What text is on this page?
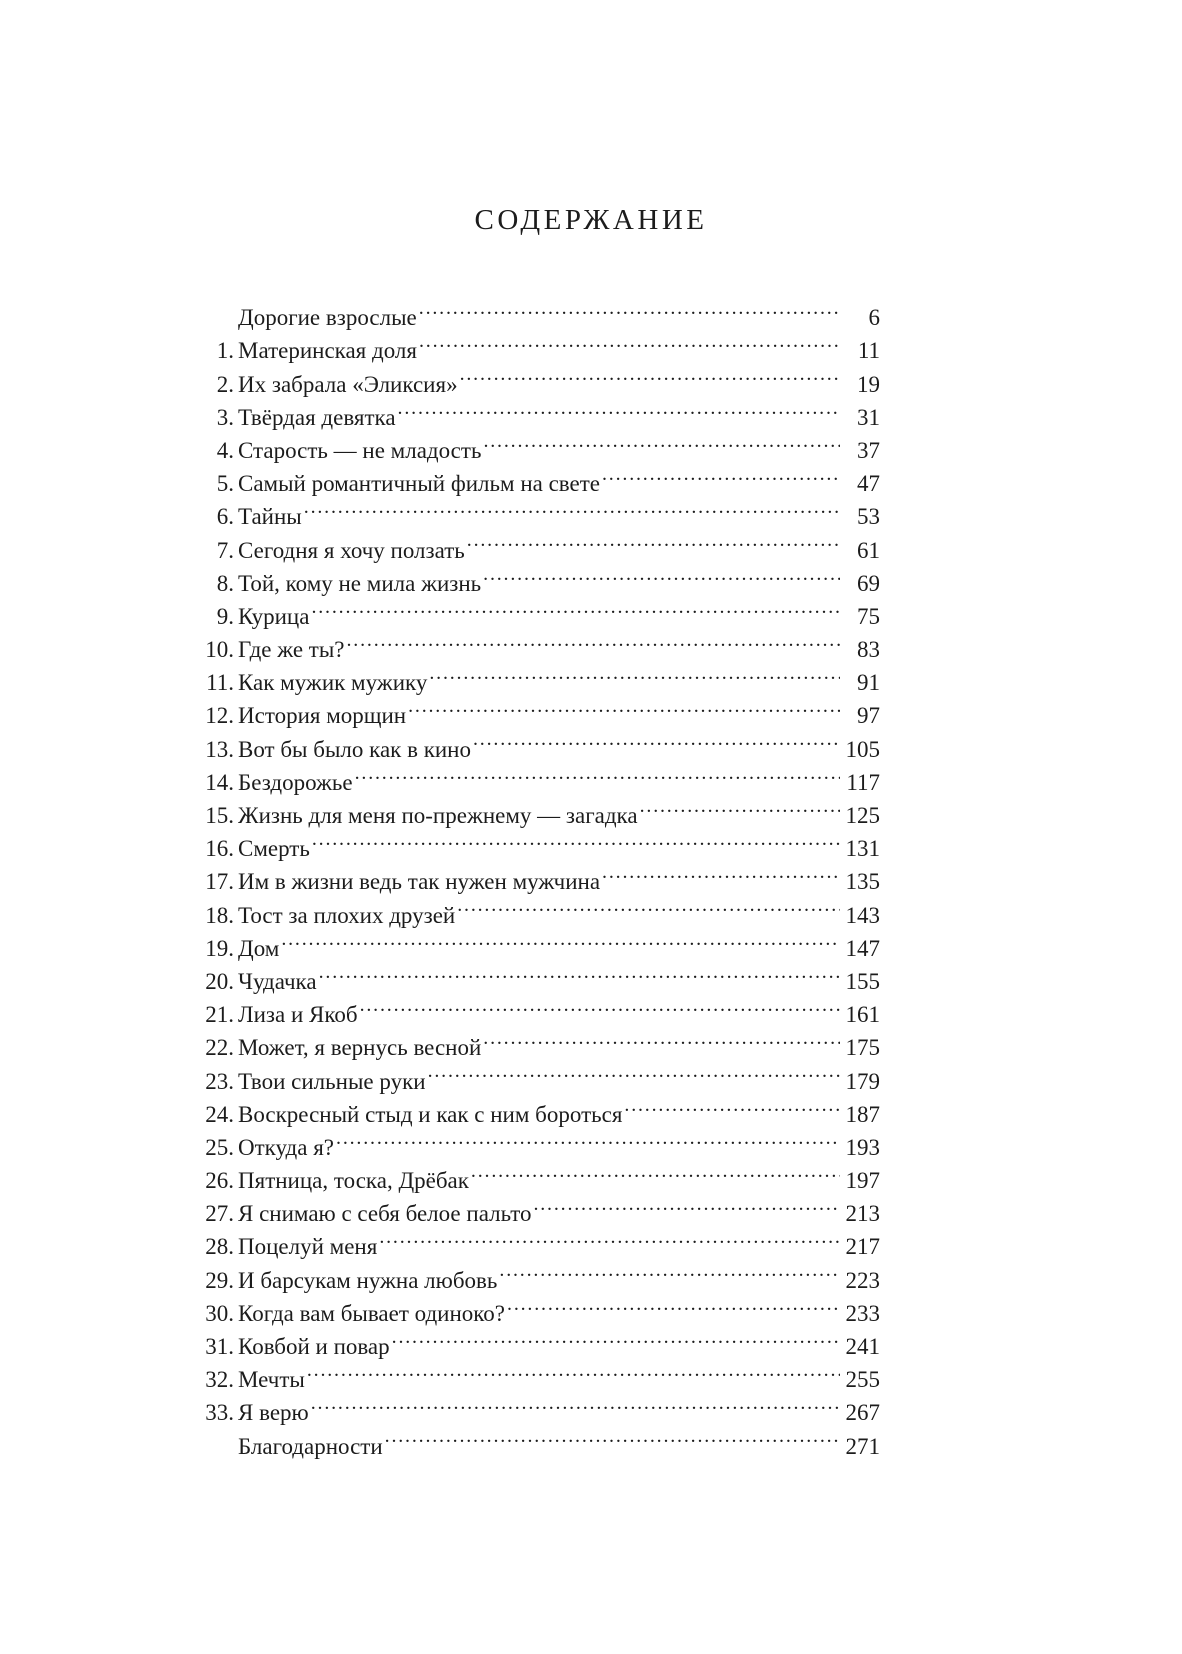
СОДЕРЖАНИЕ
Дорогие взрослые . . .	6
1. Материнская доля . . .	11
2. Их забрала «Эликсия» . . .	19
3. Твёрдая девятка . . .	31
4. Старость — не младость . . .	37
5. Самый романтичный фильм на свете . . .	47
6. Тайны . . .	53
7. Сегодня я хочу ползать . . .	61
8. Той, кому не мила жизнь . . .	69
9. Курица . . .	75
10. Где же ты? . . .	83
11. Как мужик мужику . . .	91
12. История морщин . . .	97
13. Вот бы было как в кино . . .	105
14. Бездорожье . . .	117
15. Жизнь для меня по-прежнему — загадка . . .	125
16. Смерть . . .	131
17. Им в жизни ведь так нужен мужчина . . .	135
18. Тост за плохих друзей . . .	143
19. Дом . . .	147
20. Чудачка . . .	155
21. Лиза и Якоб . . .	161
22. Может, я вернусь весной . . .	175
23. Твои сильные руки . . .	179
24. Воскресный стыд и как с ним бороться . . .	187
25. Откуда я? . . .	193
26. Пятница, тоска, Дрёбак . . .	197
27. Я снимаю с себя белое пальто . . .	213
28. Поцелуй меня . . .	217
29. И барсукам нужна любовь . . .	223
30. Когда вам бывает одиноко? . . .	233
31. Ковбой и повар . . .	241
32. Мечты . . .	255
33. Я верю . . .	267
Благодарности . . .	271
